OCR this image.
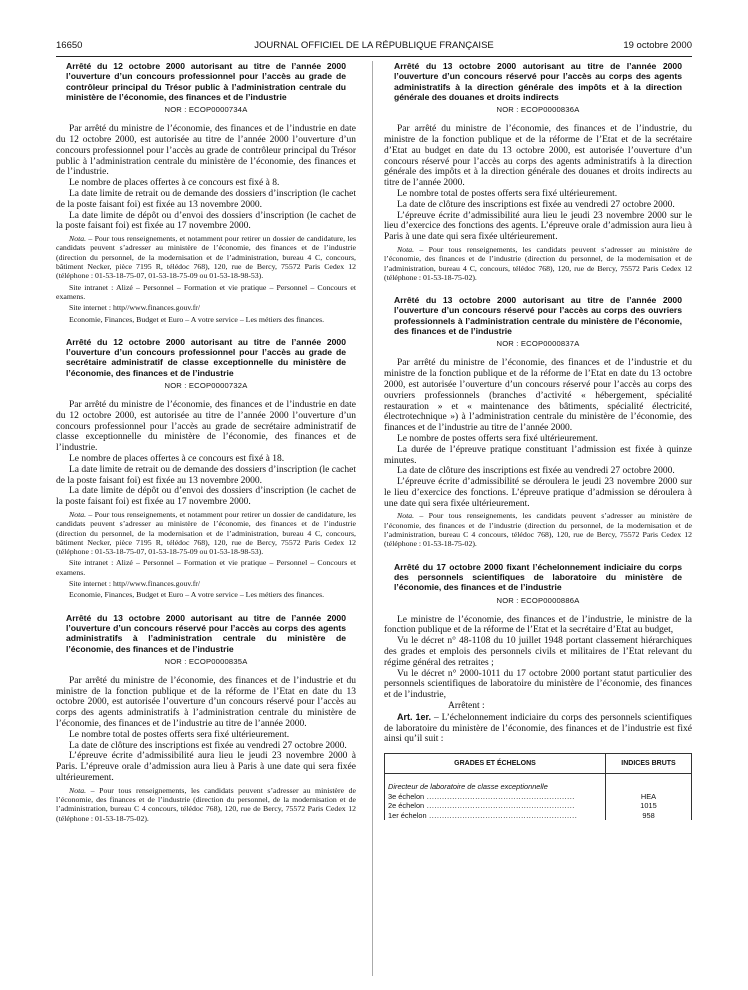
16650	JOURNAL OFFICIEL DE LA RÉPUBLIQUE FRANÇAISE	19 octobre 2000
Arrêté du 12 octobre 2000 autorisant au titre de l’année 2000 l’ouverture d’un concours professionnel pour l’accès au grade de contrôleur principal du Trésor public à l’administration centrale du ministère de l’économie, des finances et de l’industrie
NOR : ECOP0000734A

Par arrêté du ministre de l’économie, des finances et de l’industrie en date du 12 octobre 2000, est autorisée au titre de l’année 2000 l’ouverture d’un concours professionnel pour l’accès au grade de contrôleur principal du Trésor public à l’administration centrale du ministère de l’économie, des finances et de l’industrie.

Le nombre de places offertes à ce concours est fixé à 8.

La date limite de retrait ou de demande des dossiers d’inscription (le cachet de la poste faisant foi) est fixée au 13 novembre 2000.

La date limite de dépôt ou d’envoi des dossiers d’inscription (le cachet de la poste faisant foi) est fixée au 17 novembre 2000.

Nota. – Pour tous renseignements, et notamment pour retirer un dossier de candidature, les candidats peuvent s’adresser au ministère de l’économie, des finances et de l’industrie (direction du personnel, de la modernisation et de l’administration, bureau 4 C, concours, bâtiment Necker, pièce 7195 R, télédoc 768), 120, rue de Bercy, 75572 Paris Cedex 12 (téléphone : 01-53-18-75-07, 01-53-18-75-09 ou 01-53-18-98-53).

Site intranet : Alizé – Personnel – Formation et vie pratique – Personnel – Concours et examens.

Site internet : http//www.finances.gouv.fr/

Economie, Finances, Budget et Euro – A votre service – Les métiers des finances.

Arrêté du 12 octobre 2000 autorisant au titre de l’année 2000 l’ouverture d’un concours professionnel pour l’accès au grade de secrétaire administratif de classe exceptionnelle du ministère de l’économie, des finances et de l’industrie
NOR : ECOP0000732A

Par arrêté du ministre de l’économie, des finances et de l’industrie en date du 12 octobre 2000, est autorisée au titre de l’année 2000 l’ouverture d’un concours professionnel pour l’accès au grade de secrétaire administratif de classe exceptionnelle du ministère de l’économie, des finances et de l’industrie.

Le nombre de places offertes à ce concours est fixé à 18.

La date limite de retrait ou de demande des dossiers d’inscription (le cachet de la poste faisant foi) est fixée au 13 novembre 2000.

La date limite de dépôt ou d’envoi des dossiers d’inscription (le cachet de la poste faisant foi) est fixée au 17 novembre 2000.

Nota. – Pour tous renseignements, et notamment pour retirer un dossier de candidature, les candidats peuvent s’adresser au ministère de l’économie, des finances et de l’industrie (direction du personnel, de la modernisation et de l’administration, bureau 4 C, concours, bâtiment Necker, pièce 7195 R, télédoc 768), 120, rue de Bercy, 75572 Paris Cedex 12 (téléphone : 01-53-18-75-07, 01-53-18-75-09 ou 01-53-18-98-53).

Site intranet : Alizé – Personnel – Formation et vie pratique – Personnel – Concours et examens.

Site internet : http//www.finances.gouv.fr/

Economie, Finances, Budget et Euro – A votre service – Les métiers des finances.

Arrêté du 13 octobre 2000 autorisant au titre de l’année 2000 l’ouverture d’un concours réservé pour l’accès au corps des agents administratifs à l’administration centrale du ministère de l’économie, des finances et de l’industrie
NOR : ECOP0000835A

Par arrêté du ministre de l’économie, des finances et de l’industrie et du ministre de la fonction publique et de la réforme de l’Etat en date du 13 octobre 2000, est autorisée l’ouverture d’un concours réservé pour l’accès au corps des agents administratifs à l’administration centrale du ministère de l’économie, des finances et de l’industrie au titre de l’année 2000.

Le nombre total de postes offerts sera fixé ultérieurement.

La date de clôture des inscriptions est fixée au vendredi 27 octobre 2000.

L’épreuve écrite d’admissibilité aura lieu le jeudi 23 novembre 2000 à Paris. L’épreuve orale d’admission aura lieu à Paris à une date qui sera fixée ultérieurement.

Nota. – Pour tous renseignements, les candidats peuvent s’adresser au ministère de l’économie, des finances et de l’industrie (direction du personnel, de la modernisation et de l’administration, bureau C 4 concours, télédoc 768), 120, rue de Bercy, 75572 Paris Cedex 12 (téléphone : 01-53-18-75-02).

Arrêté du 13 octobre 2000 autorisant au titre de l’année 2000 l’ouverture d’un concours réservé pour l’accès au corps des agents administratifs à la direction générale des impôts et à la direction générale des douanes et droits indirects
NOR : ECOP0000836A

Par arrêté du ministre de l’économie, des finances et de l’industrie, du ministre de la fonction publique et de la réforme de l’Etat et de la secrétaire d’Etat au budget en date du 13 octobre 2000, est autorisée l’ouverture d’un concours réservé pour l’accès au corps des agents administratifs à la direction générale des impôts et à la direction générale des douanes et droits indirects au titre de l’année 2000.

Le nombre total de postes offerts sera fixé ultérieurement.

La date de clôture des inscriptions est fixée au vendredi 27 octobre 2000.

L’épreuve écrite d’admissibilité aura lieu le jeudi 23 novembre 2000 sur le lieu d’exercice des fonctions des agents. L’épreuve orale d’admission aura lieu à Paris à une date qui sera fixée ultérieurement.

Nota. – Pour tous renseignements, les candidats peuvent s’adresser au ministère de l’économie, des finances et de l’industrie (direction du personnel, de la modernisation et de l’administration, bureau 4 C, concours, télédoc 768), 120, rue de Bercy, 75572 Paris Cedex 12 (téléphone : 01-53-18-75-02).

Arrêté du 13 octobre 2000 autorisant au titre de l’année 2000 l’ouverture d’un concours réservé pour l’accès au corps des ouvriers professionnels à l’administration centrale du ministère de l’économie, des finances et de l’industrie
NOR : ECOP0000837A

Par arrêté du ministre de l’économie, des finances et de l’industrie et du ministre de la fonction publique et de la réforme de l’Etat en date du 13 octobre 2000, est autorisée l’ouverture d’un concours réservé pour l’accès au corps des ouvriers professionnels (branches d’activité « hébergement, spécialité restauration » et « maintenance des bâtiments, spécialité électricité, électrotechnique ») à l’administration centrale du ministère de l’économie, des finances et de l’industrie au titre de l’année 2000.

Le nombre de postes offerts sera fixé ultérieurement.

La durée de l’épreuve pratique constituant l’admission est fixée à quinze minutes.

La date de clôture des inscriptions est fixée au vendredi 27 octobre 2000.

L’épreuve écrite d’admissibilité se déroulera le jeudi 23 novembre 2000 sur le lieu d’exercice des fonctions. L’épreuve pratique d’admission se déroulera à une date qui sera fixée ultérieurement.

Nota. – Pour tous renseignements, les candidats peuvent s’adresser au ministère de l’économie, des finances et de l’industrie (direction du personnel, de la modernisation et de l’administration, bureau C 4 concours, télédoc 768), 120, rue de Bercy, 75572 Paris Cedex 12 (téléphone : 01-53-18-75-02).

Arrêté du 17 octobre 2000 fixant l’échelonnement indiciaire du corps des personnels scientifiques de laboratoire du ministère de l’économie, des finances et de l’industrie
NOR : ECOP0000886A

Le ministre de l’économie, des finances et de l’industrie, le ministre de la fonction publique et de la réforme de l’Etat et la secrétaire d’Etat au budget,

Vu le décret n° 48-1108 du 10 juillet 1948 portant classement hiérarchiques des grades et emplois des personnels civils et militaires de l’Etat relevant du régime général des retraites ;

Vu le décret n° 2000-1011 du 17 octobre 2000 portant statut particulier des personnels scientifiques de laboratoire du ministère de l’économie, des finances et de l’industrie,

Arrêtent :

Art. 1er. – L’échelonnement indiciaire du corps des personnels scientifiques de laboratoire du ministère de l’économie, des finances et de l’industrie est fixé ainsi qu’il suit :

GRADES ET ÉCHELONS	INDICES BRUTS
Directeur de laboratoire de classe exceptionnelle	

3e échelon .....	HEA

2e échelon .....	1015

1er échelon .....	958
